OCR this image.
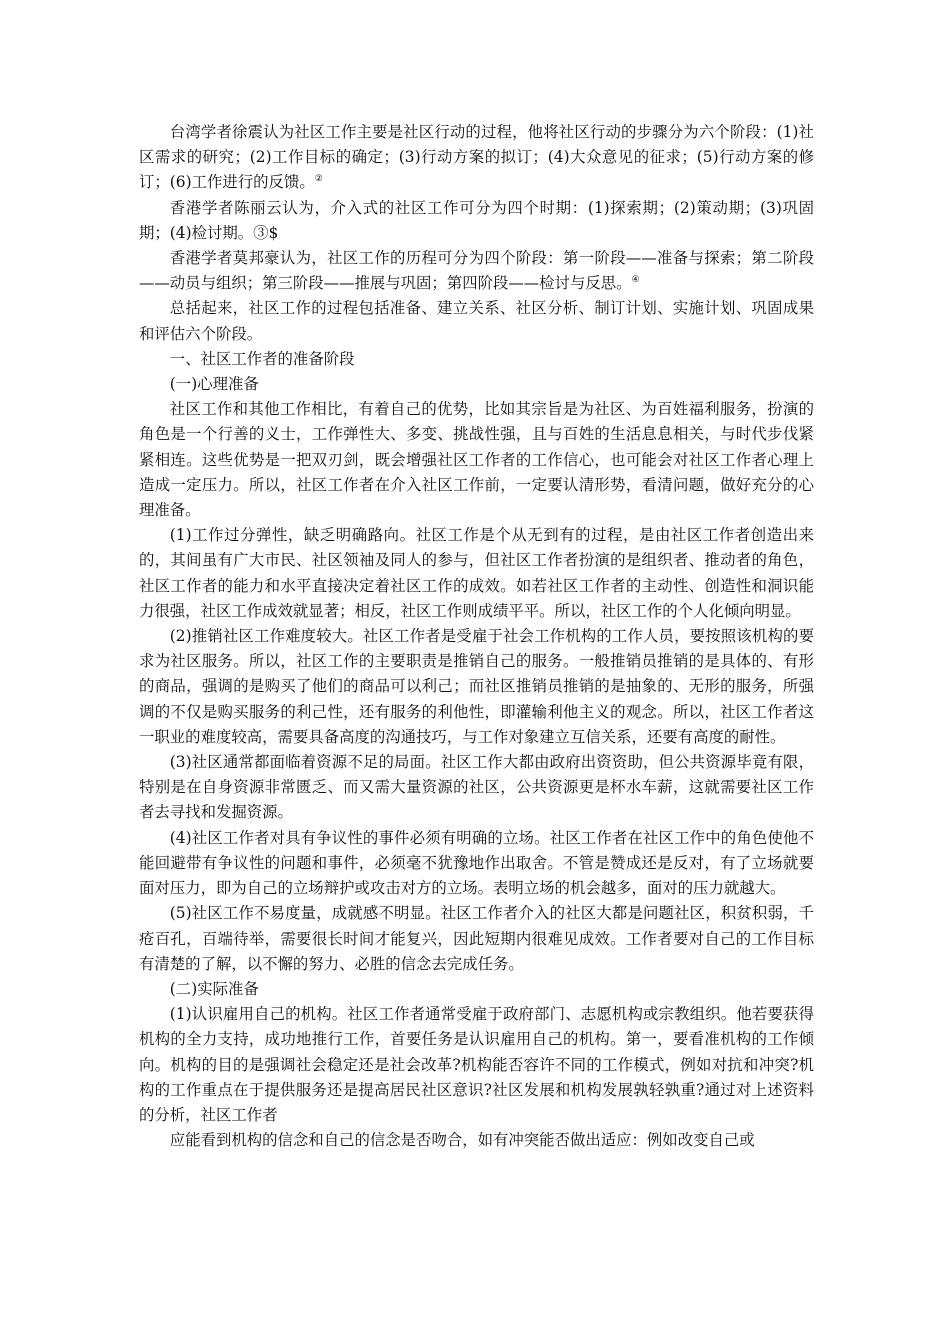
台湾学者徐震认为社区工作主要是社区行动的过程，他将社区行动的步骤分为六个阶段：(1)社区需求的研究；(2)工作目标的确定；(3)行动方案的拟订；(4)大众意见的征求；(5)行动方案的修订；(6)工作进行的反馈。②

香港学者陈丽云认为，介入式的社区工作可分为四个时期：(1)探索期；(2)策动期；(3)巩固期；(4)检讨期。③$

香港学者莫邦豪认为，社区工作的历程可分为四个阶段：第一阶段——准备与探索；第二阶段——动员与组织；第三阶段——推展与巩固；第四阶段——检讨与反思。④

总括起来，社区工作的过程包括准备、建立关系、社区分析、制订计划、实施计划、巩固成果和评估六个阶段。

一、社区工作者的准备阶段

(一)心理准备

社区工作和其他工作相比，有着自己的优势，比如其宗旨是为社区、为百姓福利服务，扮演的角色是一个行善的义士，工作弹性大、多变、挑战性强，且与百姓的生活息息相关，与时代步伐紧紧相连。这些优势是一把双刃剑，既会增强社区工作者的工作信心，也可能会对社区工作者心理上造成一定压力。所以，社区工作者在介入社区工作前，一定要认清形势，看清问题，做好充分的心理准备。

(1)工作过分弹性，缺乏明确路向。社区工作是个从无到有的过程，是由社区工作者创造出来的，其间虽有广大市民、社区领袖及同人的参与，但社区工作者扮演的是组织者、推动者的角色，社区工作者的能力和水平直接决定着社区工作的成效。如若社区工作者的主动性、创造性和洞识能力很强，社区工作成效就显著；相反，社区工作则成绩平平。所以，社区工作的个人化倾向明显。

(2)推销社区工作难度较大。社区工作者是受雇于社会工作机构的工作人员，要按照该机构的要求为社区服务。所以，社区工作的主要职责是推销自己的服务。一般推销员推销的是具体的、有形的商品，强调的是购买了他们的商品可以利己；而社区推销员推销的是抽象的、无形的服务，所强调的不仅是购买服务的利己性，还有服务的利他性，即灌输利他主义的观念。所以，社区工作者这一职业的难度较高，需要具备高度的沟通技巧，与工作对象建立互信关系，还要有高度的耐性。

(3)社区通常都面临着资源不足的局面。社区工作大都由政府出资资助，但公共资源毕竟有限，特别是在自身资源非常匮乏、而又需大量资源的社区，公共资源更是杯水车薪，这就需要社区工作者去寻找和发掘资源。

(4)社区工作者对具有争议性的事件必须有明确的立场。社区工作者在社区工作中的角色使他不能回避带有争议性的问题和事件，必须毫不犹豫地作出取舍。不管是赞成还是反对，有了立场就要面对压力，即为自己的立场辩护或攻击对方的立场。表明立场的机会越多，面对的压力就越大。

(5)社区工作不易度量，成就感不明显。社区工作者介入的社区大都是问题社区，积贫积弱，千疮百孔，百端待举，需要很长时间才能复兴，因此短期内很难见成效。工作者要对自己的工作目标有清楚的了解，以不懈的努力、必胜的信念去完成任务。

(二)实际准备

(1)认识雇用自己的机构。社区工作者通常受雇于政府部门、志愿机构或宗教组织。他若要获得机构的全力支持，成功地推行工作，首要任务是认识雇用自己的机构。第一，要看准机构的工作倾向。机构的目的是强调社会稳定还是社会改革?机构能否容许不同的工作模式，例如对抗和冲突?机构的工作重点在于提供服务还是提高居民社区意识?社区发展和机构发展孰轻孰重?通过对上述资料的分析，社区工作者

应能看到机构的信念和自己的信念是否吻合，如有冲突能否做出适应：例如改变自己或
